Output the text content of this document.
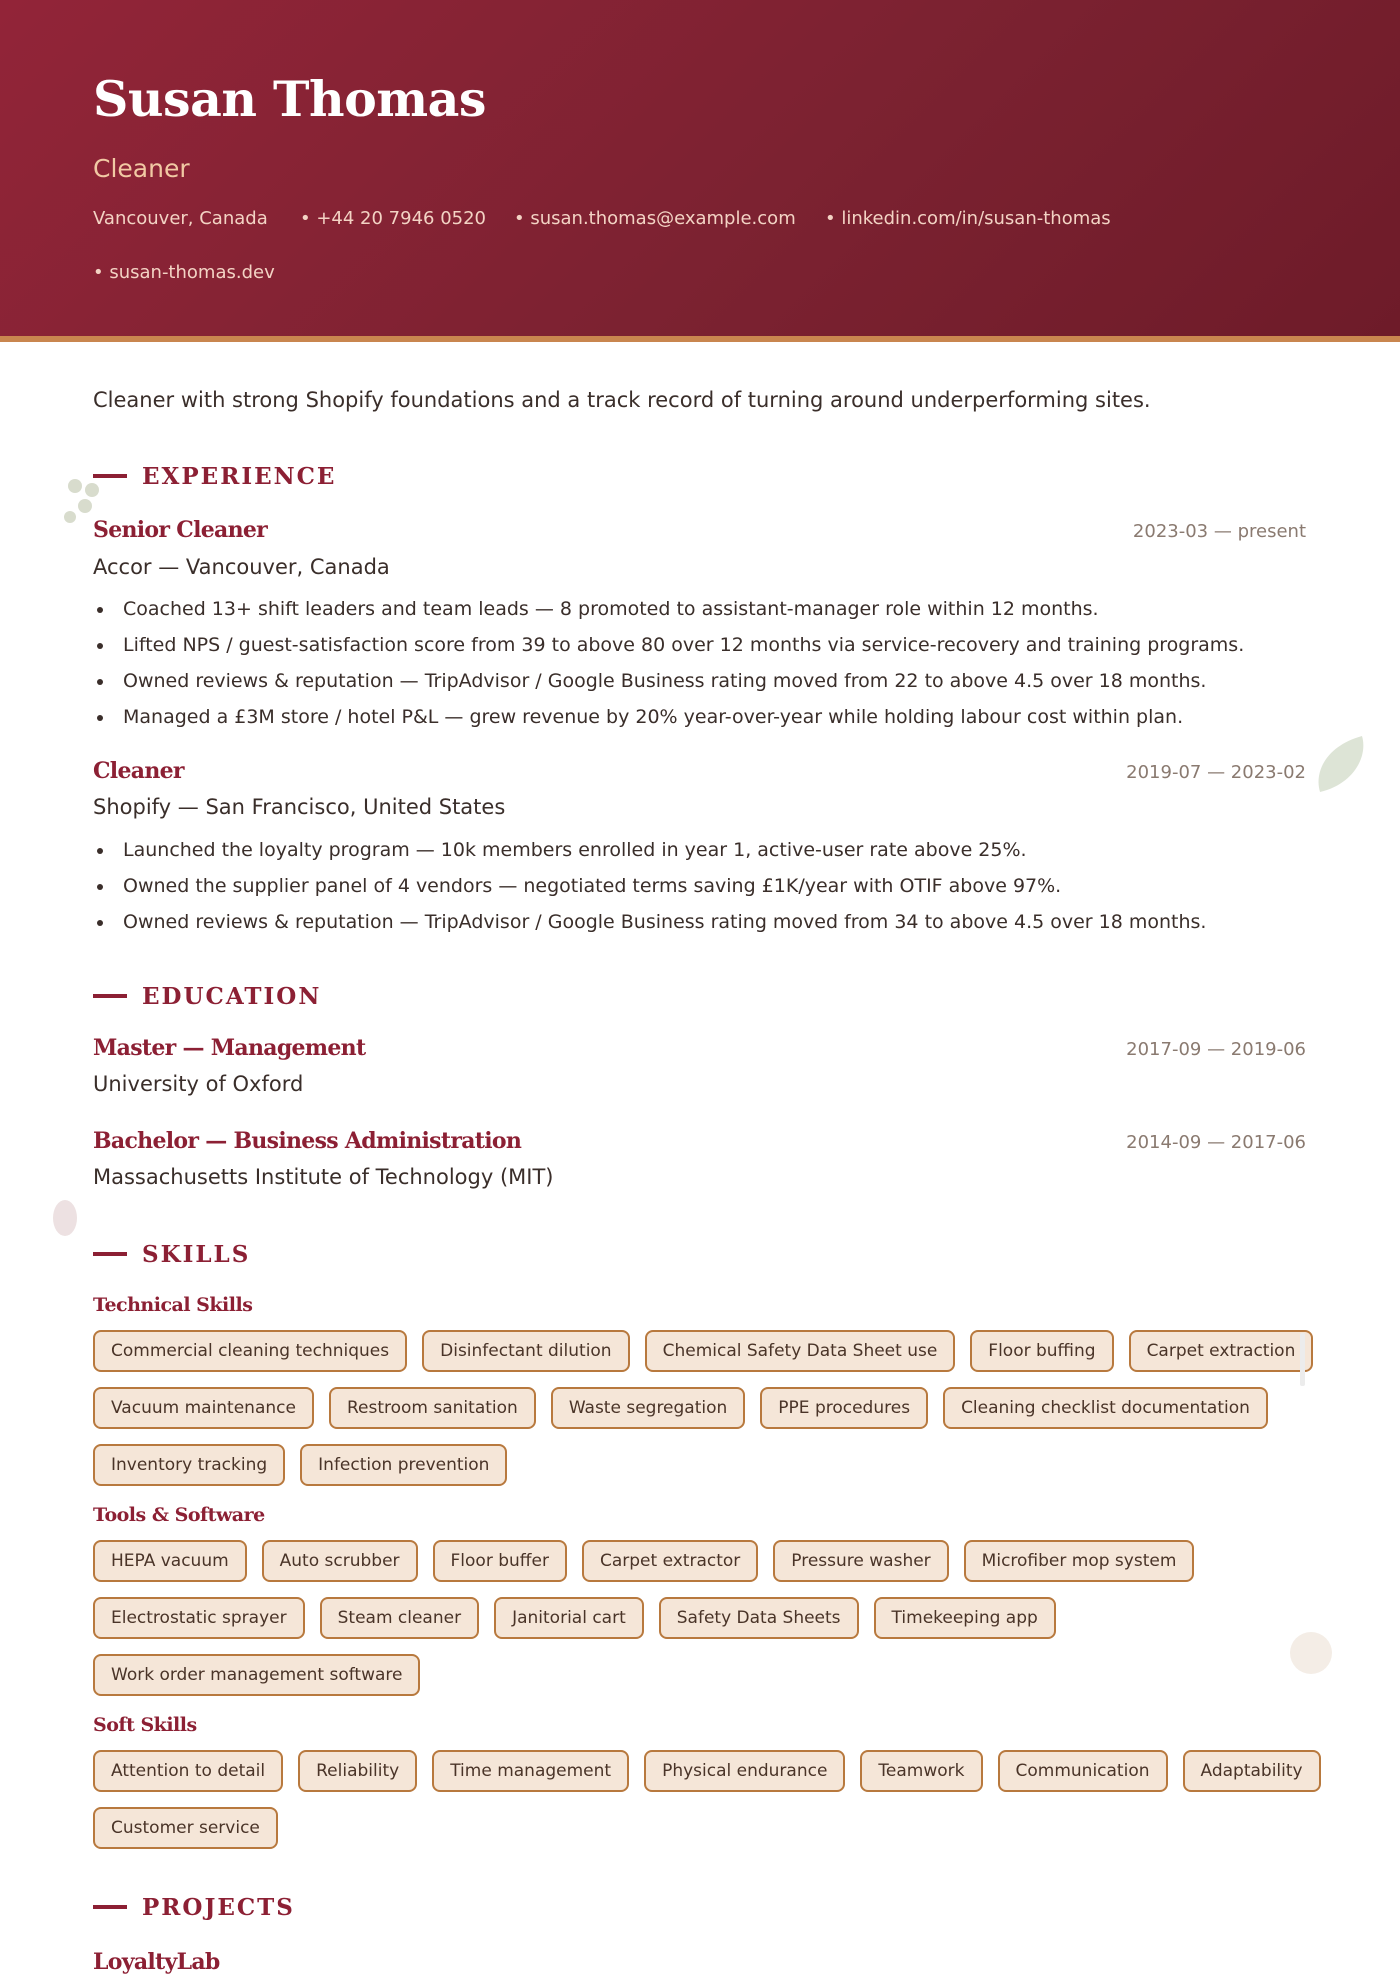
Susan Thomas
Cleaner
Vancouver, Canada • +44 20 7946 0520 • susan.thomas@example.com • linkedin.com/in/susan-thomas
• susan-thomas.dev
Cleaner with strong Shopify foundations and a track record of turning around underperforming sites.
EXPERIENCE
Senior Cleaner	2023-03 — present
Accor — Vancouver, Canada
Coached 13+ shift leaders and team leads — 8 promoted to assistant-manager role within 12 months.
Lifted NPS / guest-satisfaction score from 39 to above 80 over 12 months via service-recovery and training programs.
Owned reviews & reputation — TripAdvisor / Google Business rating moved from 22 to above 4.5 over 18 months.
Managed a £3M store / hotel P&L — grew revenue by 20% year-over-year while holding labour cost within plan.
Cleaner	2019-07 — 2023-02
Shopify — San Francisco, United States
Launched the loyalty program — 10k members enrolled in year 1, active-user rate above 25%.
Owned the supplier panel of 4 vendors — negotiated terms saving £1K/year with OTIF above 97%.
Owned reviews & reputation — TripAdvisor / Google Business rating moved from 34 to above 4.5 over 18 months.
EDUCATION
Master — Management	2017-09 — 2019-06
University of Oxford
Bachelor — Business Administration	2014-09 — 2017-06
Massachusetts Institute of Technology (MIT)
SKILLS
Technical Skills
Commercial cleaning techniques	Disinfectant dilution	Chemical Safety Data Sheet use	Floor buffing	Carpet extraction
Vacuum maintenance	Restroom sanitation	Waste segregation	PPE procedures	Cleaning checklist documentation
Inventory tracking	Infection prevention
Tools & Software
HEPA vacuum	Auto scrubber	Floor buffer	Carpet extractor	Pressure washer	Microfiber mop system
Electrostatic sprayer	Steam cleaner	Janitorial cart	Safety Data Sheets	Timekeeping app
Work order management software
Soft Skills
Attention to detail	Reliability	Time management	Physical endurance	Teamwork	Communication	Adaptability
Customer service
PROJECTS
LoyaltyLab
